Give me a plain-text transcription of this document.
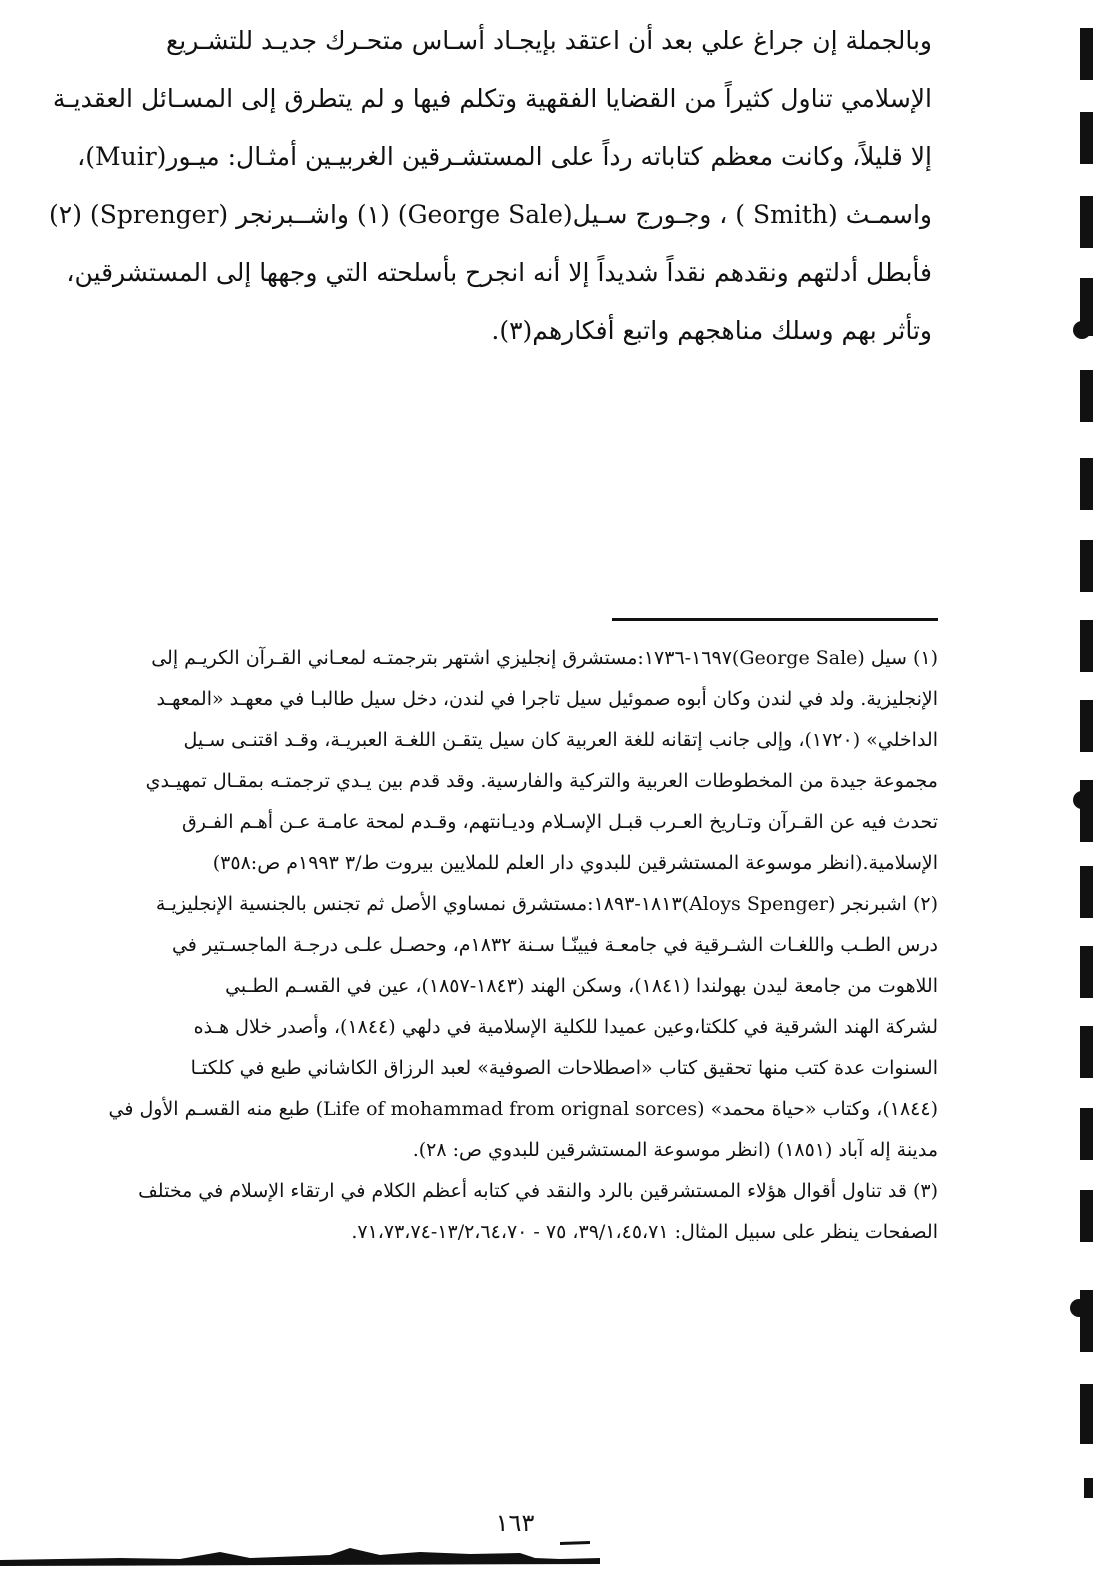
وبالجملة إن جراغ علي بعد أن اعتقد بإيجـاد أسـاس متحـرك جديـد للتشـريع
الإسلامي تناول كثيراً من القضايا الفقهية وتكلم فيها و لم يتطرق إلى المسـائل العقديـة
إلا قليلاً، وكانت معظم كتاباته رداً على المستشـرقين الغربيـين أمثـال: ميـور(Muir)،
واسمـث (Smith ) ، وجـورج سـيل(George Sale) (١) واشــبرنجر (Sprenger) (٢)
فأبطل أدلتهم ونقدهم نقداً شديداً إلا أنه انجرح بأسلحته التي وجهها إلى المستشرقين،
وتأثر بهم وسلك مناهجهم واتبع أفكارهم(٣).
(١) سيل (George Sale)١٦٩٧-١٧٣٦:مستشرق إنجليزي اشتهر بترجمتـه لمعـاني القـرآن الكريـم إلى
الإنجليزية. ولد في لندن وكان أبوه صموئيل سيل تاجرا في لندن، دخل سيل طالبـا في معهـد «المعهـد
الداخلي» (١٧٢٠)، وإلى جانب إتقانه للغة العربية كان سيل يتقـن اللغـة العبريـة، وقـد اقتنـى سـيل
مجموعة جيدة من المخطوطات العربية والتركية والفارسية. وقد قدم بين يـدي ترجمتـه بمقـال تمهيـدي
تحدث فيه عن القـرآن وتـاريخ العـرب قبـل الإسـلام وديـانتهم، وقـدم لمحة عامـة عـن أهـم الفـرق
الإسلامية.(انظر موسوعة المستشرقين للبدوي دار العلم للملايين بيروت ط/٣ ١٩٩٣م ص:٣٥٨)
(٢) اشبرنجر (Aloys Spenger)١٨١٣-١٨٩٣:مستشرق نمساوي الأصل ثم تجنس بالجنسية الإنجليزيـة
درس الطـب واللغـات الشـرقية في جامعـة فيينّـا سـنة ١٨٣٢م، وحصـل علـى درجـة الماجسـتير في
اللاهوت من جامعة ليدن بهولندا (١٨٤١)، وسكن الهند (١٨٤٣-١٨٥٧)، عين في القسـم الطـبي
لشركة الهند الشرقية في كلكتا،وعين عميدا للكلية الإسلامية في دلهي (١٨٤٤)، وأصدر خلال هـذه
السنوات عدة كتب منها تحقيق كتاب «اصطلاحات الصوفية» لعبد الرزاق الكاشاني طبع في كلكتـا
(١٨٤٤)، وكتاب «حياة محمد» (Life of mohammad from orignal sorces) طبع منه القسـم الأول في
مدينة إله آباد (١٨٥١) (انظر موسوعة المستشرقين للبدوي ص: ٢٨).
(٣) قد تناول أقوال هؤلاء المستشرقين بالرد والنقد في كتابه أعظم الكلام في ارتقاء الإسلام في مختلف
الصفحات ينظر على سبيل المثال: ٣٩/١،٤٥،٧١، ٧٥ - ١٣/٢،٦٤،٧٠-٧١،٧٣،٧٤.
١٦٣
